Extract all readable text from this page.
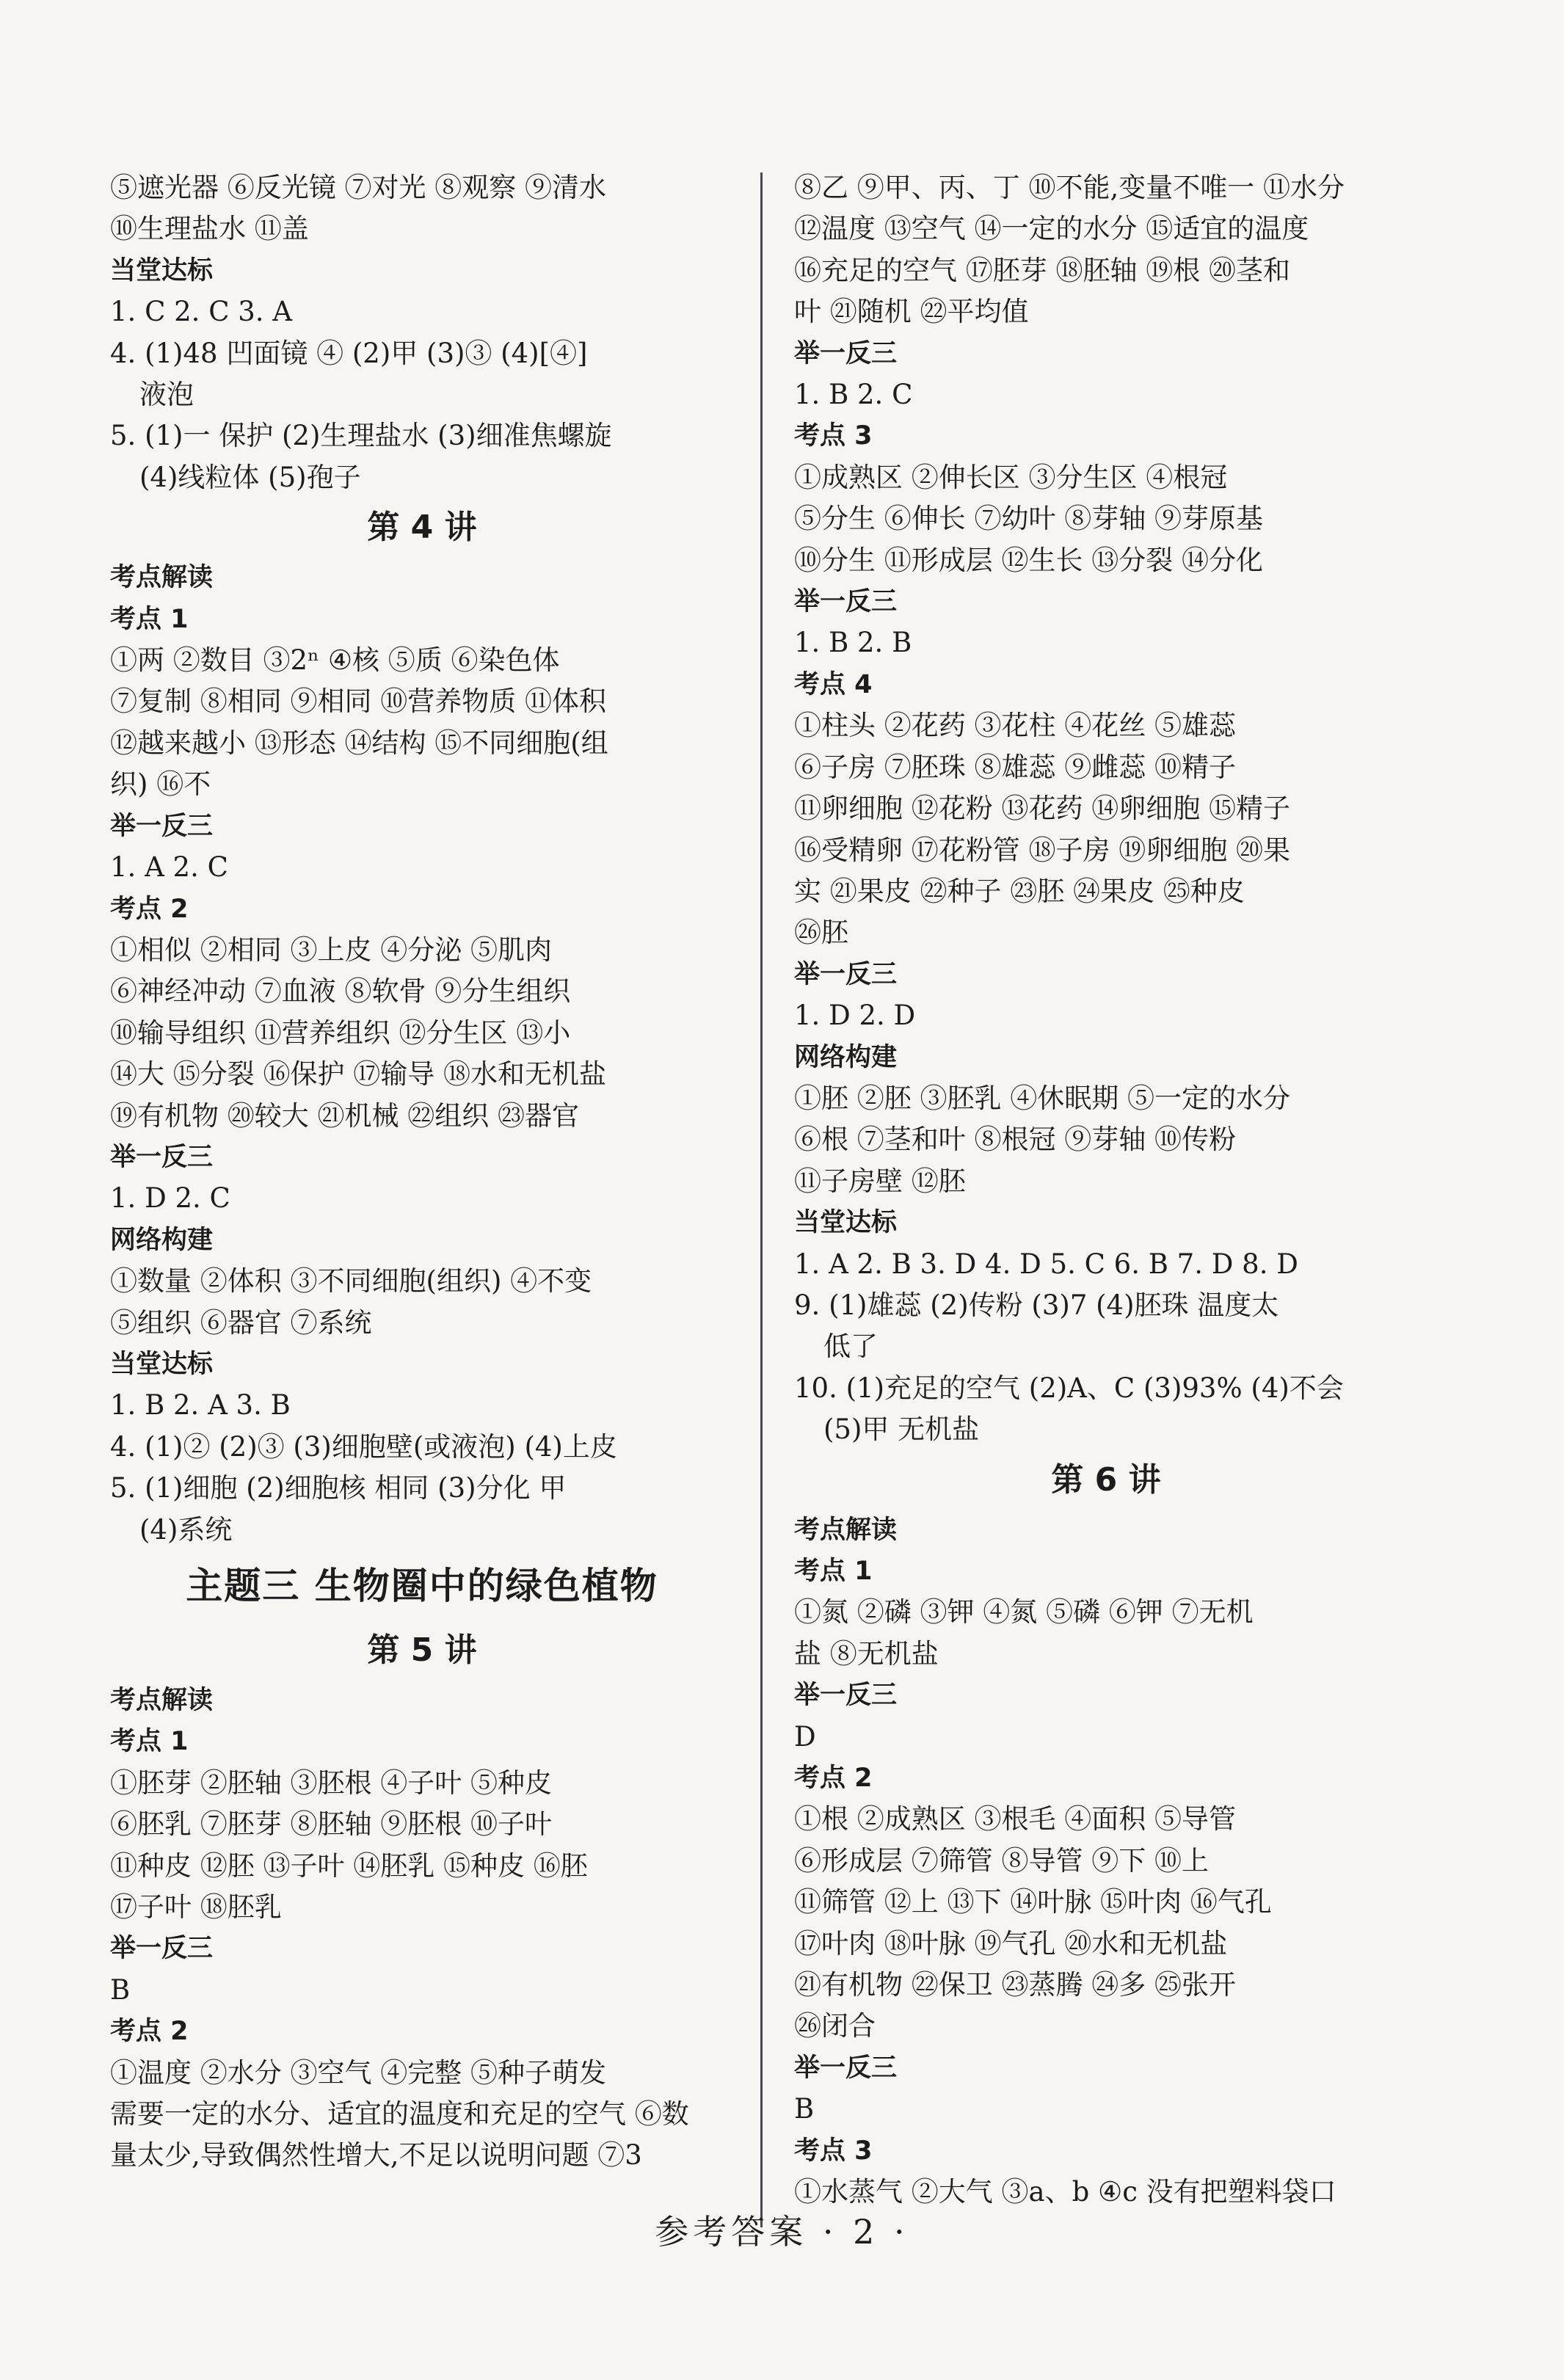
⑤遮光器 ⑥反光镜 ⑦对光 ⑧观察 ⑨清水
⑩生理盐水 ⑪盖
当堂达标
1. C 2. C 3. A
4. (1)48 凹面镜 ④ (2)甲 (3)③ (4)[④]
液泡
5. (1)一 保护 (2)生理盐水 (3)细准焦螺旋
(4)线粒体 (5)孢子
第 4 讲
考点解读
考点 1
①两 ②数目 ③2ⁿ ④核 ⑤质 ⑥染色体
⑦复制 ⑧相同 ⑨相同 ⑩营养物质 ⑪体积
⑫越来越小 ⑬形态 ⑭结构 ⑮不同细胞(组
织) ⑯不
举一反三
1. A 2. C
考点 2
①相似 ②相同 ③上皮 ④分泌 ⑤肌肉
⑥神经冲动 ⑦血液 ⑧软骨 ⑨分生组织
⑩输导组织 ⑪营养组织 ⑫分生区 ⑬小
⑭大 ⑮分裂 ⑯保护 ⑰输导 ⑱水和无机盐
⑲有机物 ⑳较大 ㉑机械 ㉒组织 ㉓器官
举一反三
1. D 2. C
网络构建
①数量 ②体积 ③不同细胞(组织) ④不变
⑤组织 ⑥器官 ⑦系统
当堂达标
1. B 2. A 3. B
4. (1)② (2)③ (3)细胞壁(或液泡) (4)上皮
5. (1)细胞 (2)细胞核 相同 (3)分化 甲
(4)系统
主题三 生物圈中的绿色植物
第 5 讲
考点解读
考点 1
①胚芽 ②胚轴 ③胚根 ④子叶 ⑤种皮
⑥胚乳 ⑦胚芽 ⑧胚轴 ⑨胚根 ⑩子叶
⑪种皮 ⑫胚 ⑬子叶 ⑭胚乳 ⑮种皮 ⑯胚
⑰子叶 ⑱胚乳
举一反三
B
考点 2
①温度 ②水分 ③空气 ④完整 ⑤种子萌发
需要一定的水分、适宜的温度和充足的空气 ⑥数
量太少,导致偶然性增大,不足以说明问题 ⑦3
⑧乙 ⑨甲、丙、丁 ⑩不能,变量不唯一 ⑪水分
⑫温度 ⑬空气 ⑭一定的水分 ⑮适宜的温度
⑯充足的空气 ⑰胚芽 ⑱胚轴 ⑲根 ⑳茎和
叶 ㉑随机 ㉒平均值
举一反三
1. B 2. C
考点 3
①成熟区 ②伸长区 ③分生区 ④根冠
⑤分生 ⑥伸长 ⑦幼叶 ⑧芽轴 ⑨芽原基
⑩分生 ⑪形成层 ⑫生长 ⑬分裂 ⑭分化
举一反三
1. B 2. B
考点 4
①柱头 ②花药 ③花柱 ④花丝 ⑤雄蕊
⑥子房 ⑦胚珠 ⑧雄蕊 ⑨雌蕊 ⑩精子
⑪卵细胞 ⑫花粉 ⑬花药 ⑭卵细胞 ⑮精子
⑯受精卵 ⑰花粉管 ⑱子房 ⑲卵细胞 ⑳果
实 ㉑果皮 ㉒种子 ㉓胚 ㉔果皮 ㉕种皮
㉖胚
举一反三
1. D 2. D
网络构建
①胚 ②胚 ③胚乳 ④休眠期 ⑤一定的水分
⑥根 ⑦茎和叶 ⑧根冠 ⑨芽轴 ⑩传粉
⑪子房壁 ⑫胚
当堂达标
1. A 2. B 3. D 4. D 5. C 6. B 7. D 8. D
9. (1)雄蕊 (2)传粉 (3)7 (4)胚珠 温度太
低了
10. (1)充足的空气 (2)A、C (3)93% (4)不会
(5)甲 无机盐
第 6 讲
考点解读
考点 1
①氮 ②磷 ③钾 ④氮 ⑤磷 ⑥钾 ⑦无机
盐 ⑧无机盐
举一反三
D
考点 2
①根 ②成熟区 ③根毛 ④面积 ⑤导管
⑥形成层 ⑦筛管 ⑧导管 ⑨下 ⑩上
⑪筛管 ⑫上 ⑬下 ⑭叶脉 ⑮叶肉 ⑯气孔
⑰叶肉 ⑱叶脉 ⑲气孔 ⑳水和无机盐
㉑有机物 ㉒保卫 ㉓蒸腾 ㉔多 ㉕张开
㉖闭合
举一反三
B
考点 3
①水蒸气 ②大气 ③a、b ④c 没有把塑料袋口
参考答案 · 2 ·
